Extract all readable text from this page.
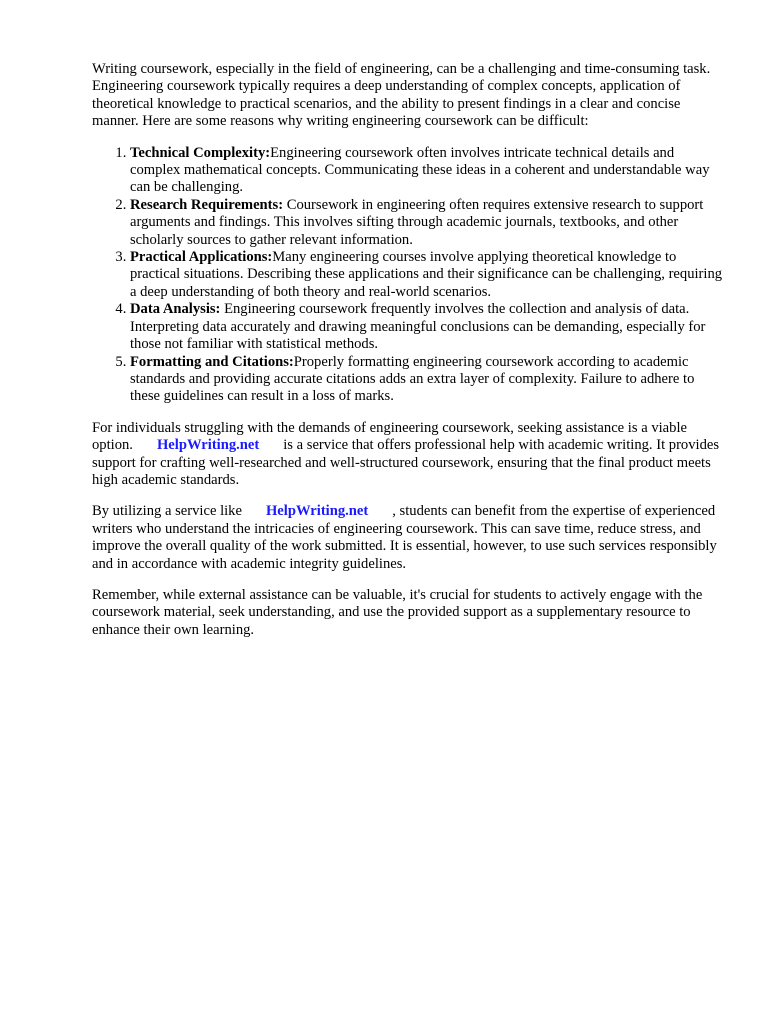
Writing coursework, especially in the field of engineering, can be a challenging and time-consuming task. Engineering coursework typically requires a deep understanding of complex concepts, application of theoretical knowledge to practical scenarios, and the ability to present findings in a clear and concise manner. Here are some reasons why writing engineering coursework can be difficult:

1. Technical Complexity:Engineering coursework often involves intricate technical details and complex mathematical concepts. Communicating these ideas in a coherent and understandable way can be challenging.
2. Research Requirements: Coursework in engineering often requires extensive research to support arguments and findings. This involves sifting through academic journals, textbooks, and other scholarly sources to gather relevant information.
3. Practical Applications:Many engineering courses involve applying theoretical knowledge to practical situations. Describing these applications and their significance can be challenging, requiring a deep understanding of both theory and real-world scenarios.
4. Data Analysis: Engineering coursework frequently involves the collection and analysis of data. Interpreting data accurately and drawing meaningful conclusions can be demanding, especially for those not familiar with statistical methods.
5. Formatting and Citations:Properly formatting engineering coursework according to academic standards and providing accurate citations adds an extra layer of complexity. Failure to adhere to these guidelines can result in a loss of marks.

For individuals struggling with the demands of engineering coursework, seeking assistance is a viable option. HelpWriting.net is a service that offers professional help with academic writing. It provides support for crafting well-researched and well-structured coursework, ensuring that the final product meets high academic standards.

By utilizing a service like HelpWriting.net , students can benefit from the expertise of experienced writers who understand the intricacies of engineering coursework. This can save time, reduce stress, and improve the overall quality of the work submitted. It is essential, however, to use such services responsibly and in accordance with academic integrity guidelines.

Remember, while external assistance can be valuable, it's crucial for students to actively engage with the coursework material, seek understanding, and use the provided support as a supplementary resource to enhance their own learning.
